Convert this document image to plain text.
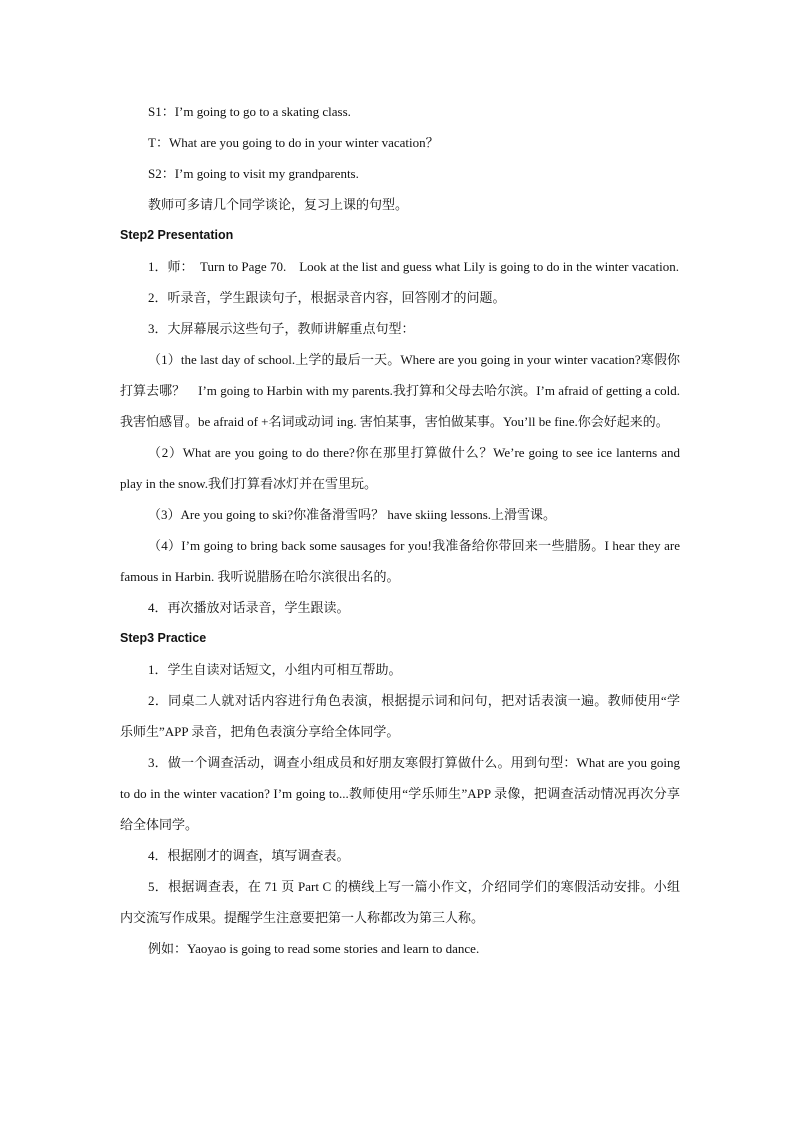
S1：I’m going to go to a skating class.

T：What are you going to do in your winter vacation？

S2：I’m going to visit my grandparents.

教师可多请几个同学谈论，复习上课的句型。

Step2 Presentation

1．师：　Turn to Page 70.　Look at the list and guess what Lily is going to do in the winter vacation.

2．听录音，学生跟读句子，根据录音内容，回答刚才的问题。

3．大屏幕展示这些句子，教师讲解重点句型：

（1）the last day of school.上学的最后一天。Where are you going in your winter vacation?寒假你打算去哪？　I’m going to Harbin with my parents.我打算和父母去哈尔滨。I’m afraid of getting a cold.我害怕感冒。be afraid of +名词或动词 ing. 害怕某事，害怕做某事。You’ll be fine.你会好起来的。

（2）What are you going to do there?你在那里打算做什么？We’re going to see ice lanterns and play in the snow.我们打算看冰灯并在雪里玩。

（3）Are you going to ski?你准备滑雪吗？ have skiing lessons.上滑雪课。

（4）I’m going to bring back some sausages for you!我准备给你带回来一些腊肠。I hear they are famous in Harbin. 我听说腊肠在哈尔滨很出名的。

4．再次播放对话录音，学生跟读。

Step3 Practice

1．学生自读对话短文，小组内可相互帮助。

2．同桌二人就对话内容进行角色表演，根据提示词和问句，把对话表演一遍。教师使用“学乐师生”APP 录音，把角色表演分享给全体同学。

3．做一个调查活动，调查小组成员和好朋友寒假打算做什么。用到句型：What are you going to do in the winter vacation? I’m going to...教师使用“学乐师生”APP 录像，把调查活动情况再次分享给全体同学。

4．根据刚才的调查，填写调查表。

5．根据调查表，在 71 页 Part C 的横线上写一篇小作文，介绍同学们的寒假活动安排。小组内交流写作成果。提醒学生注意要把第一人称都改为第三人称。

例如：Yaoyao is going to read some stories and learn to dance.
